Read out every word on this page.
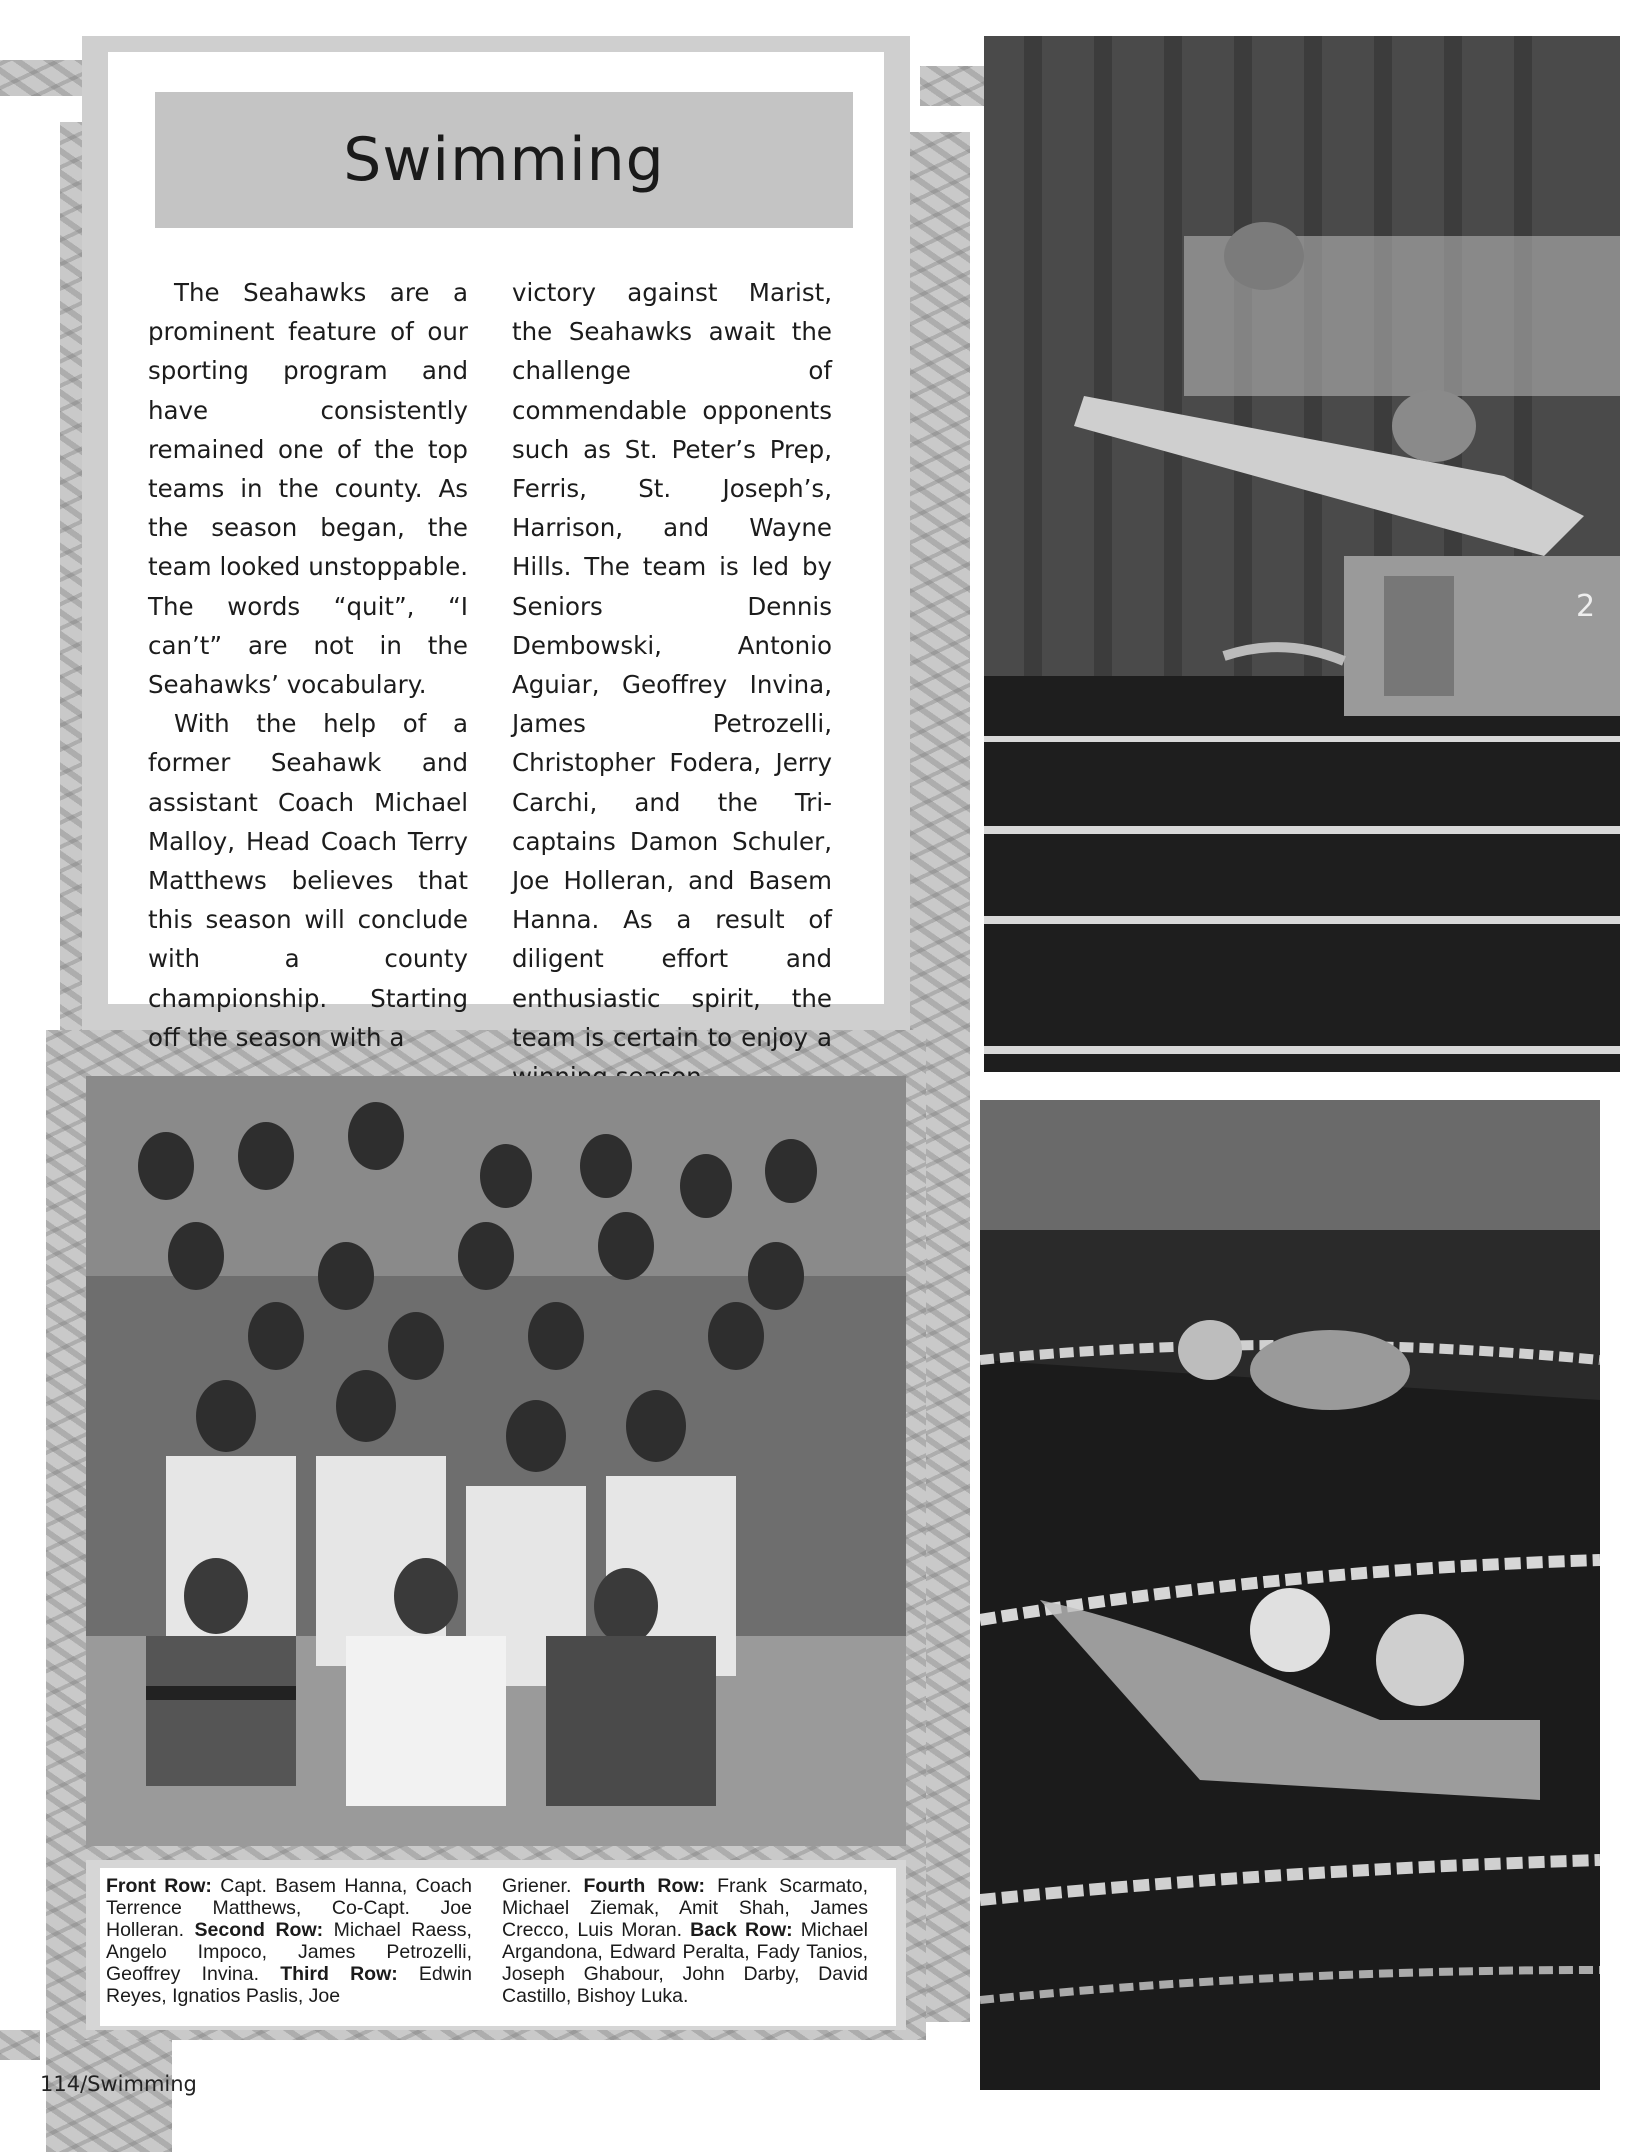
Swimming

The Seahawks are a prominent feature of our sporting program and have consistently remained one of the top teams in the county. As the season began, the team looked unstoppable. The words “quit”, “I can’t” are not in the Seahawks’ vocabulary.

With the help of a former Seahawk and assistant Coach Michael Malloy, Head Coach Terry Matthews believes that this season will conclude with a county championship. Starting off the season with a

victory against Marist, the Seahawks await the challenge of commendable opponents such as St. Peter’s Prep, Ferris, St. Joseph’s, Harrison, and Wayne Hills. The team is led by Seniors Dennis Dembowski, Antonio Aguiar, Geoffrey Invina, James Petrozelli, Christopher Fodera, Jerry Carchi, and the Tri-captains Damon Schuler, Joe Holleran, and Basem Hanna. As a result of diligent effort and enthusiastic spirit, the team is certain to enjoy a

2
Front Row: Capt. Basem Hanna, Coach Terrence Matthews, Co-Capt. Joe Holleran. Second Row: Michael Raess, Angelo Impoco, James Petrozelli, Geoffrey Invina. Third Row: Edwin Reyes, Ignatios Paslis, Joe
Griener. Fourth Row: Frank Scarmato, Michael Ziemak, Amit Shah, James Crecco, Luis Moran. Back Row: Michael Argandona, Edward Peralta, Fady Tanios, Joseph Ghabour, John Darby, David Castillo, Bishoy Luka.
114/Swimming
